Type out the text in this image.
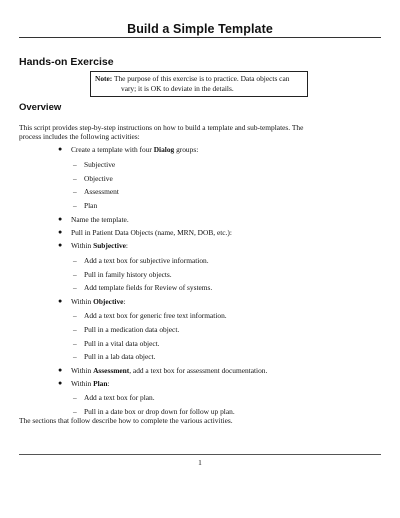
Build a Simple Template
Hands-on Exercise
Note: The purpose of this exercise is to practice. Data objects can
vary; it is OK to deviate in the details.
Overview
This script provides step-by-step instructions on how to build a template and sub-templates. The
process includes the following activities:
● Create a template with four Dialog groups:
– Subjective
– Objective
– Assessment
– Plan
● Name the template.
● Pull in Patient Data Objects (name, MRN, DOB, etc.):
● Within Subjective:
– Add a text box for subjective information.
– Pull in family history objects.
– Add template fields for Review of systems.
● Within Objective:
– Add a text box for generic free text information.
– Pull in a medication data object.
– Pull in a vital data object.
– Pull in a lab data object.
● Within Assessment, add a text box for assessment documentation.
● Within Plan:
– Add a text box for plan.
– Pull in a date box or drop down for follow up plan.
The sections that follow describe how to complete the various activities.
1
